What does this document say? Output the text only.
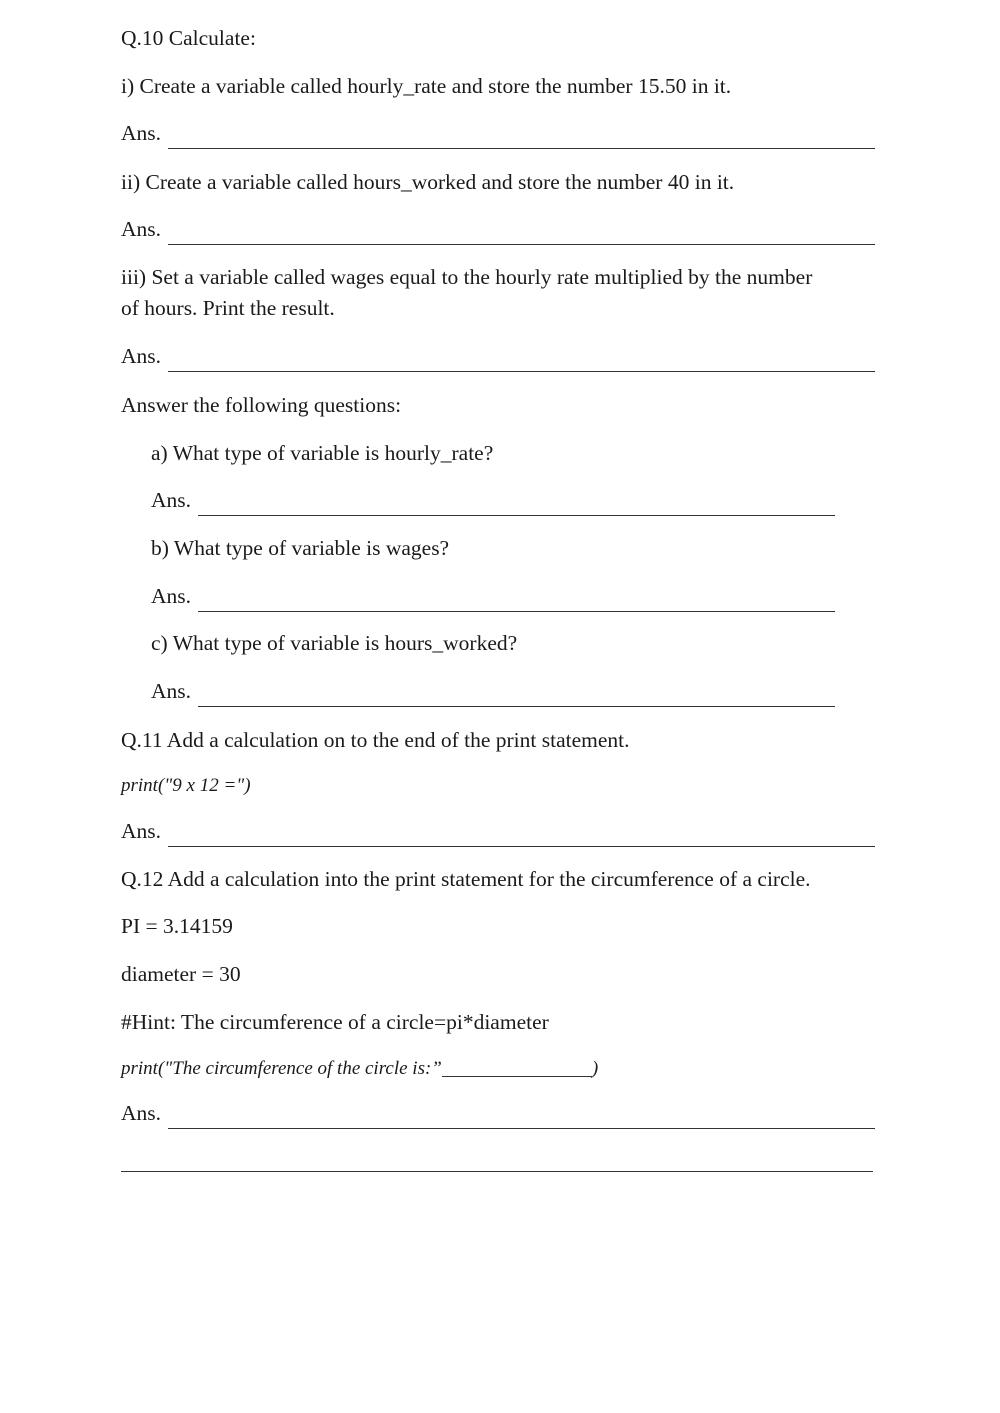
Q.10 Calculate:
i) Create a variable called hourly_rate and store the number 15.50 in it.
Ans.
ii) Create a variable called hours_worked and store the number 40 in it.
Ans.
iii) Set a variable called wages equal to the hourly rate multiplied by the number
of hours. Print the result.
Ans.
Answer the following questions:
a) What type of variable is hourly_rate?
Ans.
b) What type of variable is wages?
Ans.
c) What type of variable is hours_worked?
Ans.
Q.11 Add a calculation on to the end of the print statement.
print("9 x 12 =")
Ans.
Q.12 Add a calculation into the print statement for the circumference of a circle.
PI = 3.14159
diameter = 30
#Hint: The circumference of a circle=pi*diameter
print("The circumference of the circle is:”	)
Ans.
